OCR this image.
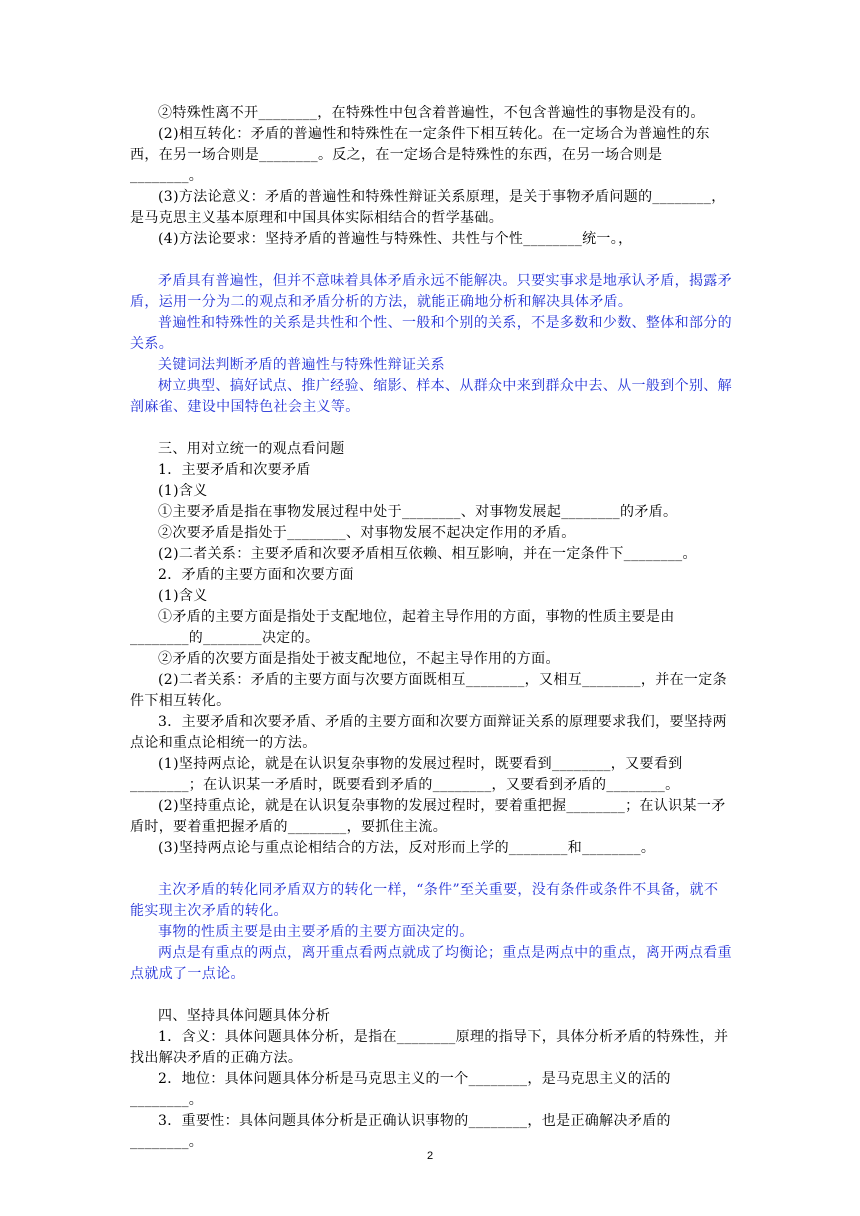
②特殊性离不开________，在特殊性中包含着普遍性，不包含普遍性的事物是没有的。

(2)相互转化：矛盾的普遍性和特殊性在一定条件下相互转化。在一定场合为普遍性的东西，在另一场合则是________。反之，在一定场合是特殊性的东西，在另一场合则是________。

(3)方法论意义：矛盾的普遍性和特殊性辩证关系原理，是关于事物矛盾问题的________，是马克思主义基本原理和中国具体实际相结合的哲学基础。

(4)方法论要求：坚持矛盾的普遍性与特殊性、共性与个性________统一。，

矛盾具有普遍性，但并不意味着具体矛盾永远不能解决。只要实事求是地承认矛盾，揭露矛盾，运用一分为二的观点和矛盾分析的方法，就能正确地分析和解决具体矛盾。

普遍性和特殊性的关系是共性和个性、一般和个别的关系，不是多数和少数、整体和部分的关系。

关键词法判断矛盾的普遍性与特殊性辩证关系

树立典型、搞好试点、推广经验、缩影、样本、从群众中来到群众中去、从一般到个别、解剖麻雀、建设中国特色社会主义等。

三、用对立统一的观点看问题

1．主要矛盾和次要矛盾

(1)含义

①主要矛盾是指在事物发展过程中处于________、对事物发展起________的矛盾。

②次要矛盾是指处于________、对事物发展不起决定作用的矛盾。

(2)二者关系：主要矛盾和次要矛盾相互依赖、相互影响，并在一定条件下________。

2．矛盾的主要方面和次要方面

(1)含义

①矛盾的主要方面是指处于支配地位，起着主导作用的方面，事物的性质主要是由________的________决定的。

②矛盾的次要方面是指处于被支配地位，不起主导作用的方面。

(2)二者关系：矛盾的主要方面与次要方面既相互________，又相互________，并在一定条件下相互转化。

3．主要矛盾和次要矛盾、矛盾的主要方面和次要方面辩证关系的原理要求我们，要坚持两点论和重点论相统一的方法。

(1)坚持两点论，就是在认识复杂事物的发展过程时，既要看到________，又要看到________；在认识某一矛盾时，既要看到矛盾的________，又要看到矛盾的________。

(2)坚持重点论，就是在认识复杂事物的发展过程时，要着重把握________；在认识某一矛盾时，要着重把握矛盾的________，要抓住主流。

(3)坚持两点论与重点论相结合的方法，反对形而上学的________和________。

主次矛盾的转化同矛盾双方的转化一样，“条件”至关重要，没有条件或条件不具备，就不能实现主次矛盾的转化。

事物的性质主要是由主要矛盾的主要方面决定的。

两点是有重点的两点，离开重点看两点就成了均衡论；重点是两点中的重点，离开两点看重点就成了一点论。

四、坚持具体问题具体分析

1．含义：具体问题具体分析，是指在________原理的指导下，具体分析矛盾的特殊性，并找出解决矛盾的正确方法。

2．地位：具体问题具体分析是马克思主义的一个________，是马克思主义的活的________。

3．重要性：具体问题具体分析是正确认识事物的________，也是正确解决矛盾的________。

2
